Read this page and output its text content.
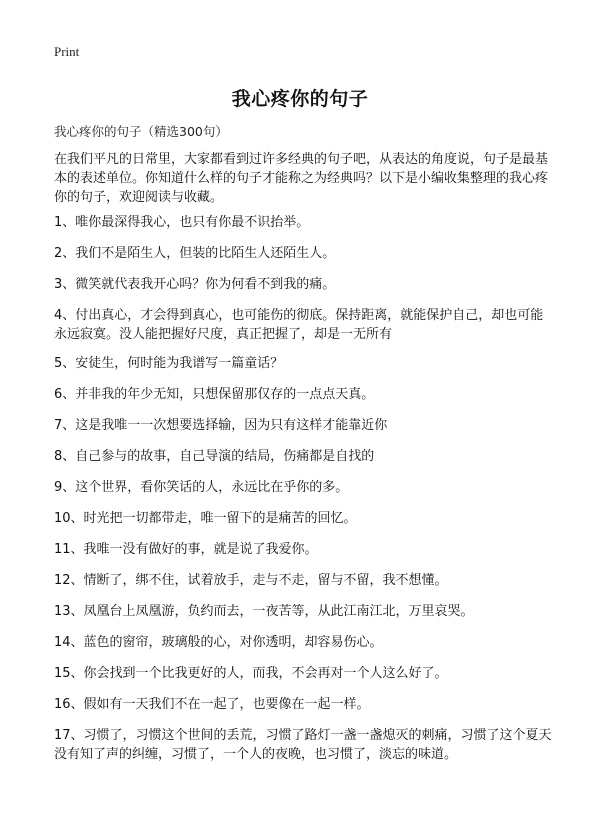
Print
我心疼你的句子
我心疼你的句子（精选300句）

在我们平凡的日常里，大家都看到过许多经典的句子吧，从表达的角度说，句子是最基本的表述单位。你知道什么样的句子才能称之为经典吗？以下是小编收集整理的我心疼你的句子，欢迎阅读与收藏。

1、唯你最深得我心，也只有你最不识抬举。
2、我们不是陌生人，但装的比陌生人还陌生人。
3、微笑就代表我开心吗？你为何看不到我的痛。
4、付出真心，才会得到真心，也可能伤的彻底。保持距离，就能保护自己，却也可能永远寂寞。没人能把握好尺度，真正把握了，却是一无所有
5、安徒生，何时能为我谱写一篇童话？
6、并非我的年少无知，只想保留那仅存的一点点天真。
7、这是我唯一一次想要选择输，因为只有这样才能靠近你
8、自己参与的故事，自己导演的结局，伤痛都是自找的
9、这个世界，看你笑话的人，永远比在乎你的多。
10、时光把一切都带走，唯一留下的是痛苦的回忆。
11、我唯一没有做好的事，就是说了我爱你。
12、情断了，绑不住，试着放手，走与不走，留与不留，我不想懂。
13、凤凰台上凤凰游，负约而去，一夜苦等，从此江南江北，万里哀哭。
14、蓝色的窗帘，玻璃般的心，对你透明，却容易伤心。
15、你会找到一个比我更好的人，而我，不会再对一个人这么好了。
16、假如有一天我们不在一起了，也要像在一起一样。
17、习惯了，习惯这个世间的丢荒，习惯了路灯一盏一盏熄灭的刺痛，习惯了这个夏天没有知了声的纠缠，习惯了，一个人的夜晚，也习惯了，淡忘的味道。
